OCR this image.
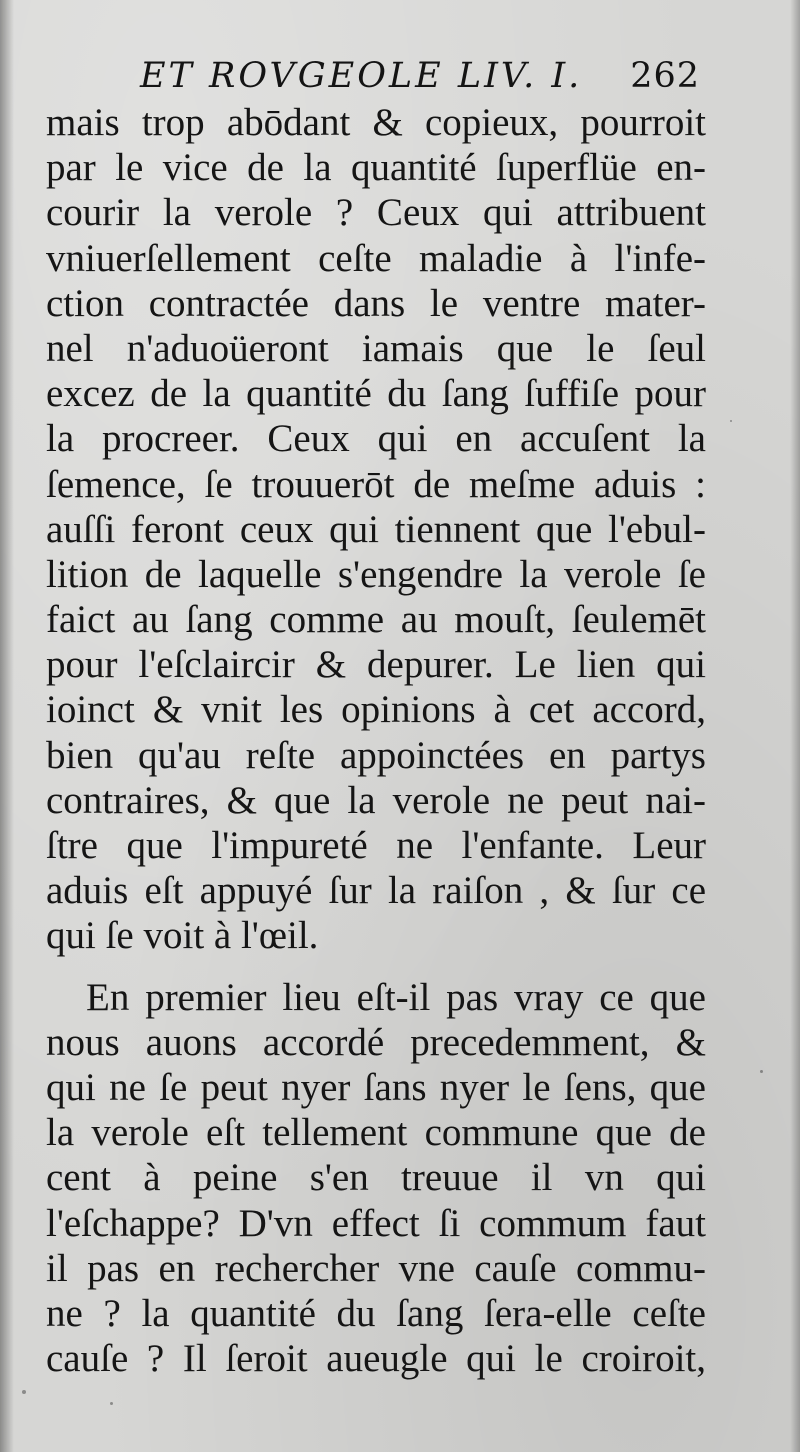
ET ROVGEOLE LIV. I. 262
mais trop abōdant & copieux, pourroit
par le vice de la quantité ſuperflüe en-
courir la verole ? Ceux qui attribuent
vniuerſellement ceſte maladie à l'infe-
ction contractée dans le ventre mater-
nel n'aduoüeront iamais que le ſeul
excez de la quantité du ſang ſuffiſe pour
la procreer. Ceux qui en accuſent la
ſemence, ſe trouuerōt de meſme aduis :
auſſi feront ceux qui tiennent que l'ebul-
lition de laquelle s'engendre la verole ſe
faict au ſang comme au mouſt, ſeulemēt
pour l'eſclaircir & depurer. Le lien qui
ioinct & vnit les opinions à cet accord,
bien qu'au reſte appoinctées en partys
contraires, & que la verole ne peut nai-
ſtre que l'impureté ne l'enfante. Leur
aduis eſt appuyé ſur la raiſon , & ſur ce
qui ſe voit à l'œil.
En premier lieu eſt-il pas vray ce que
nous auons accordé precedemment, &
qui ne ſe peut nyer ſans nyer le ſens, que
la verole eſt tellement commune que de
cent à peine s'en treuue il vn qui
l'eſchappe? D'vn effect ſi commum faut
il pas en rechercher vne cauſe commu-
ne ? la quantité du ſang ſera-elle ceſte
cauſe ? Il ſeroit aueugle qui le croiroit,
